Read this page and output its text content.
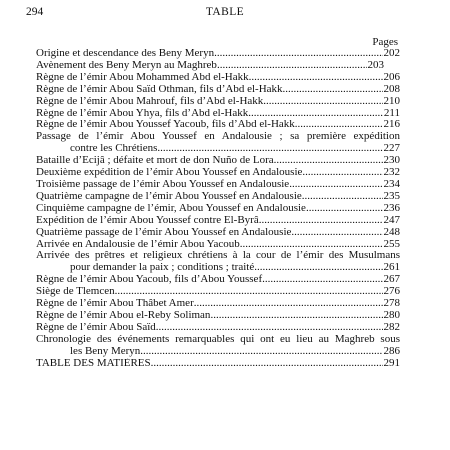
294	TABLE
Pages
Origine et descendance des Beny Meryn .....	202
Avènement des Beny Meryn au Maghreb .....	203
Règne de l’émir Abou Mohammed Abd el-Hakk .....	206
Règne de l’émir Abou Saïd Othman, fils d’Abd el-Hakk .....	208
Règne de l’émir Abou Mahrouf, fils d’Abd el-Hakk .....	210
Règne de l’émir Abou Yhya, fils d’Abd el-Hakk .....	211
Règne de l’émir Abou Youssef Yacoub, fils d’Abd el-Hakk .....	216
Passage de l’émir Abou Youssef en Andalousie ; sa première expédition
contre les Chrétiens .....	227
Bataille d’Ecijâ ; défaite et mort de don Nuño de Lora .....	230
Deuxième expédition de l’émir Abou Youssef en Andalousie .....	232
Troisième passage de l’émir Abou Youssef en Andalousie .....	234
Quatrième campagne de l’émir Abou Youssef en Andalousie .....	235
Cinquième campagne de l’émir, Abou Youssef en Andalousie .....	236
Expédition de l’émir Abou Youssef contre El-Byrâ .....	247
Quatrième passage de l’émir Abou Youssef en Andalousie .....	248
Arrivée en Andalousie de l’émir Abou Yacoub .....	255
Arrivée des prêtres et religieux chrétiens à la cour de l’émir des Musulmans
pour demander la paix ; conditions ; traité .....	261
Règne de l’émir Abou Yacoub, fils d’Abou Youssef .....	267
Siège de Tlemcen .....	276
Règne de l’émir Abou Thâbet Amer .....	278
Règne de l’émir Abou el-Reby Soliman .....	280
Règne de l’émir Abou Saïd .....	282
Chronologie des événements remarquables qui ont eu lieu au Maghreb sous
les Beny Meryn .....	286
TABLE DES MATIÈRES .....	291
